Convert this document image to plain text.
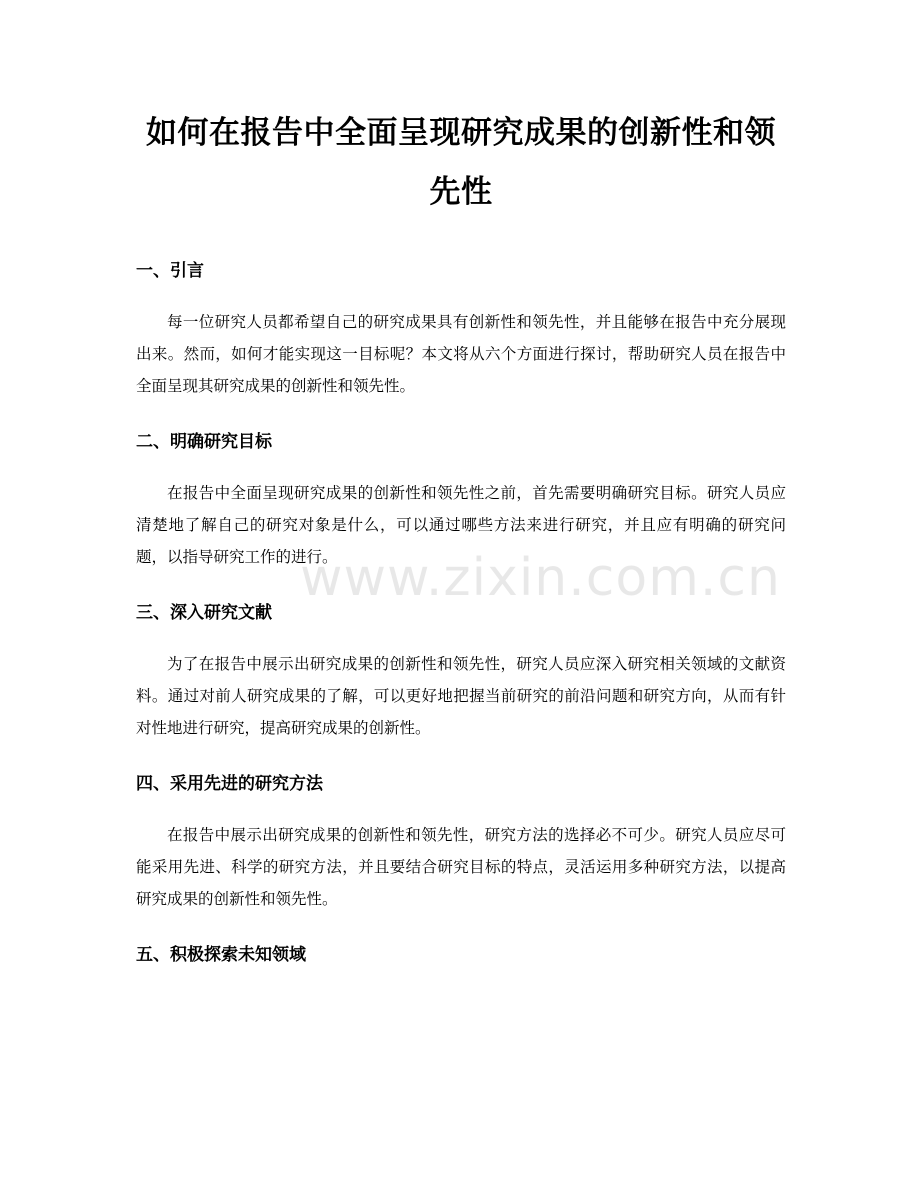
如何在报告中全面呈现研究成果的创新性和领先性
一、引言

每一位研究人员都希望自己的研究成果具有创新性和领先性，并且能够在报告中充分展现出来。然而，如何才能实现这一目标呢？本文将从六个方面进行探讨，帮助研究人员在报告中全面呈现其研究成果的创新性和领先性。

二、明确研究目标

在报告中全面呈现研究成果的创新性和领先性之前，首先需要明确研究目标。研究人员应清楚地了解自己的研究对象是什么，可以通过哪些方法来进行研究，并且应有明确的研究问题，以指导研究工作的进行。

三、深入研究文献

为了在报告中展示出研究成果的创新性和领先性，研究人员应深入研究相关领域的文献资料。通过对前人研究成果的了解，可以更好地把握当前研究的前沿问题和研究方向，从而有针对性地进行研究，提高研究成果的创新性。

四、采用先进的研究方法

在报告中展示出研究成果的创新性和领先性，研究方法的选择必不可少。研究人员应尽可能采用先进、科学的研究方法，并且要结合研究目标的特点，灵活运用多种研究方法，以提高研究成果的创新性和领先性。

五、积极探索未知领域
www.zixin.com.cn
